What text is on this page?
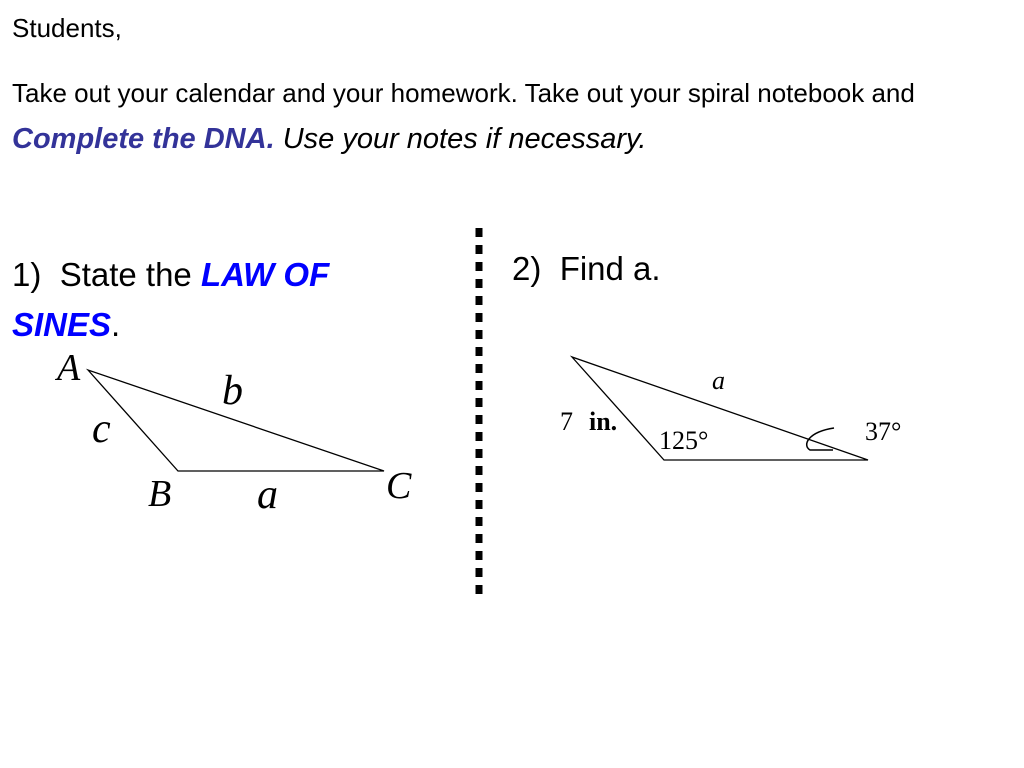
Students,
Take out your calendar and your homework. Take out your spiral notebook and Complete the DNA. Use your notes if necessary.
1) State the LAW OF SINES.
2) Find a.
A
B	C
b
c
a
a
7 in.
125°	37°
